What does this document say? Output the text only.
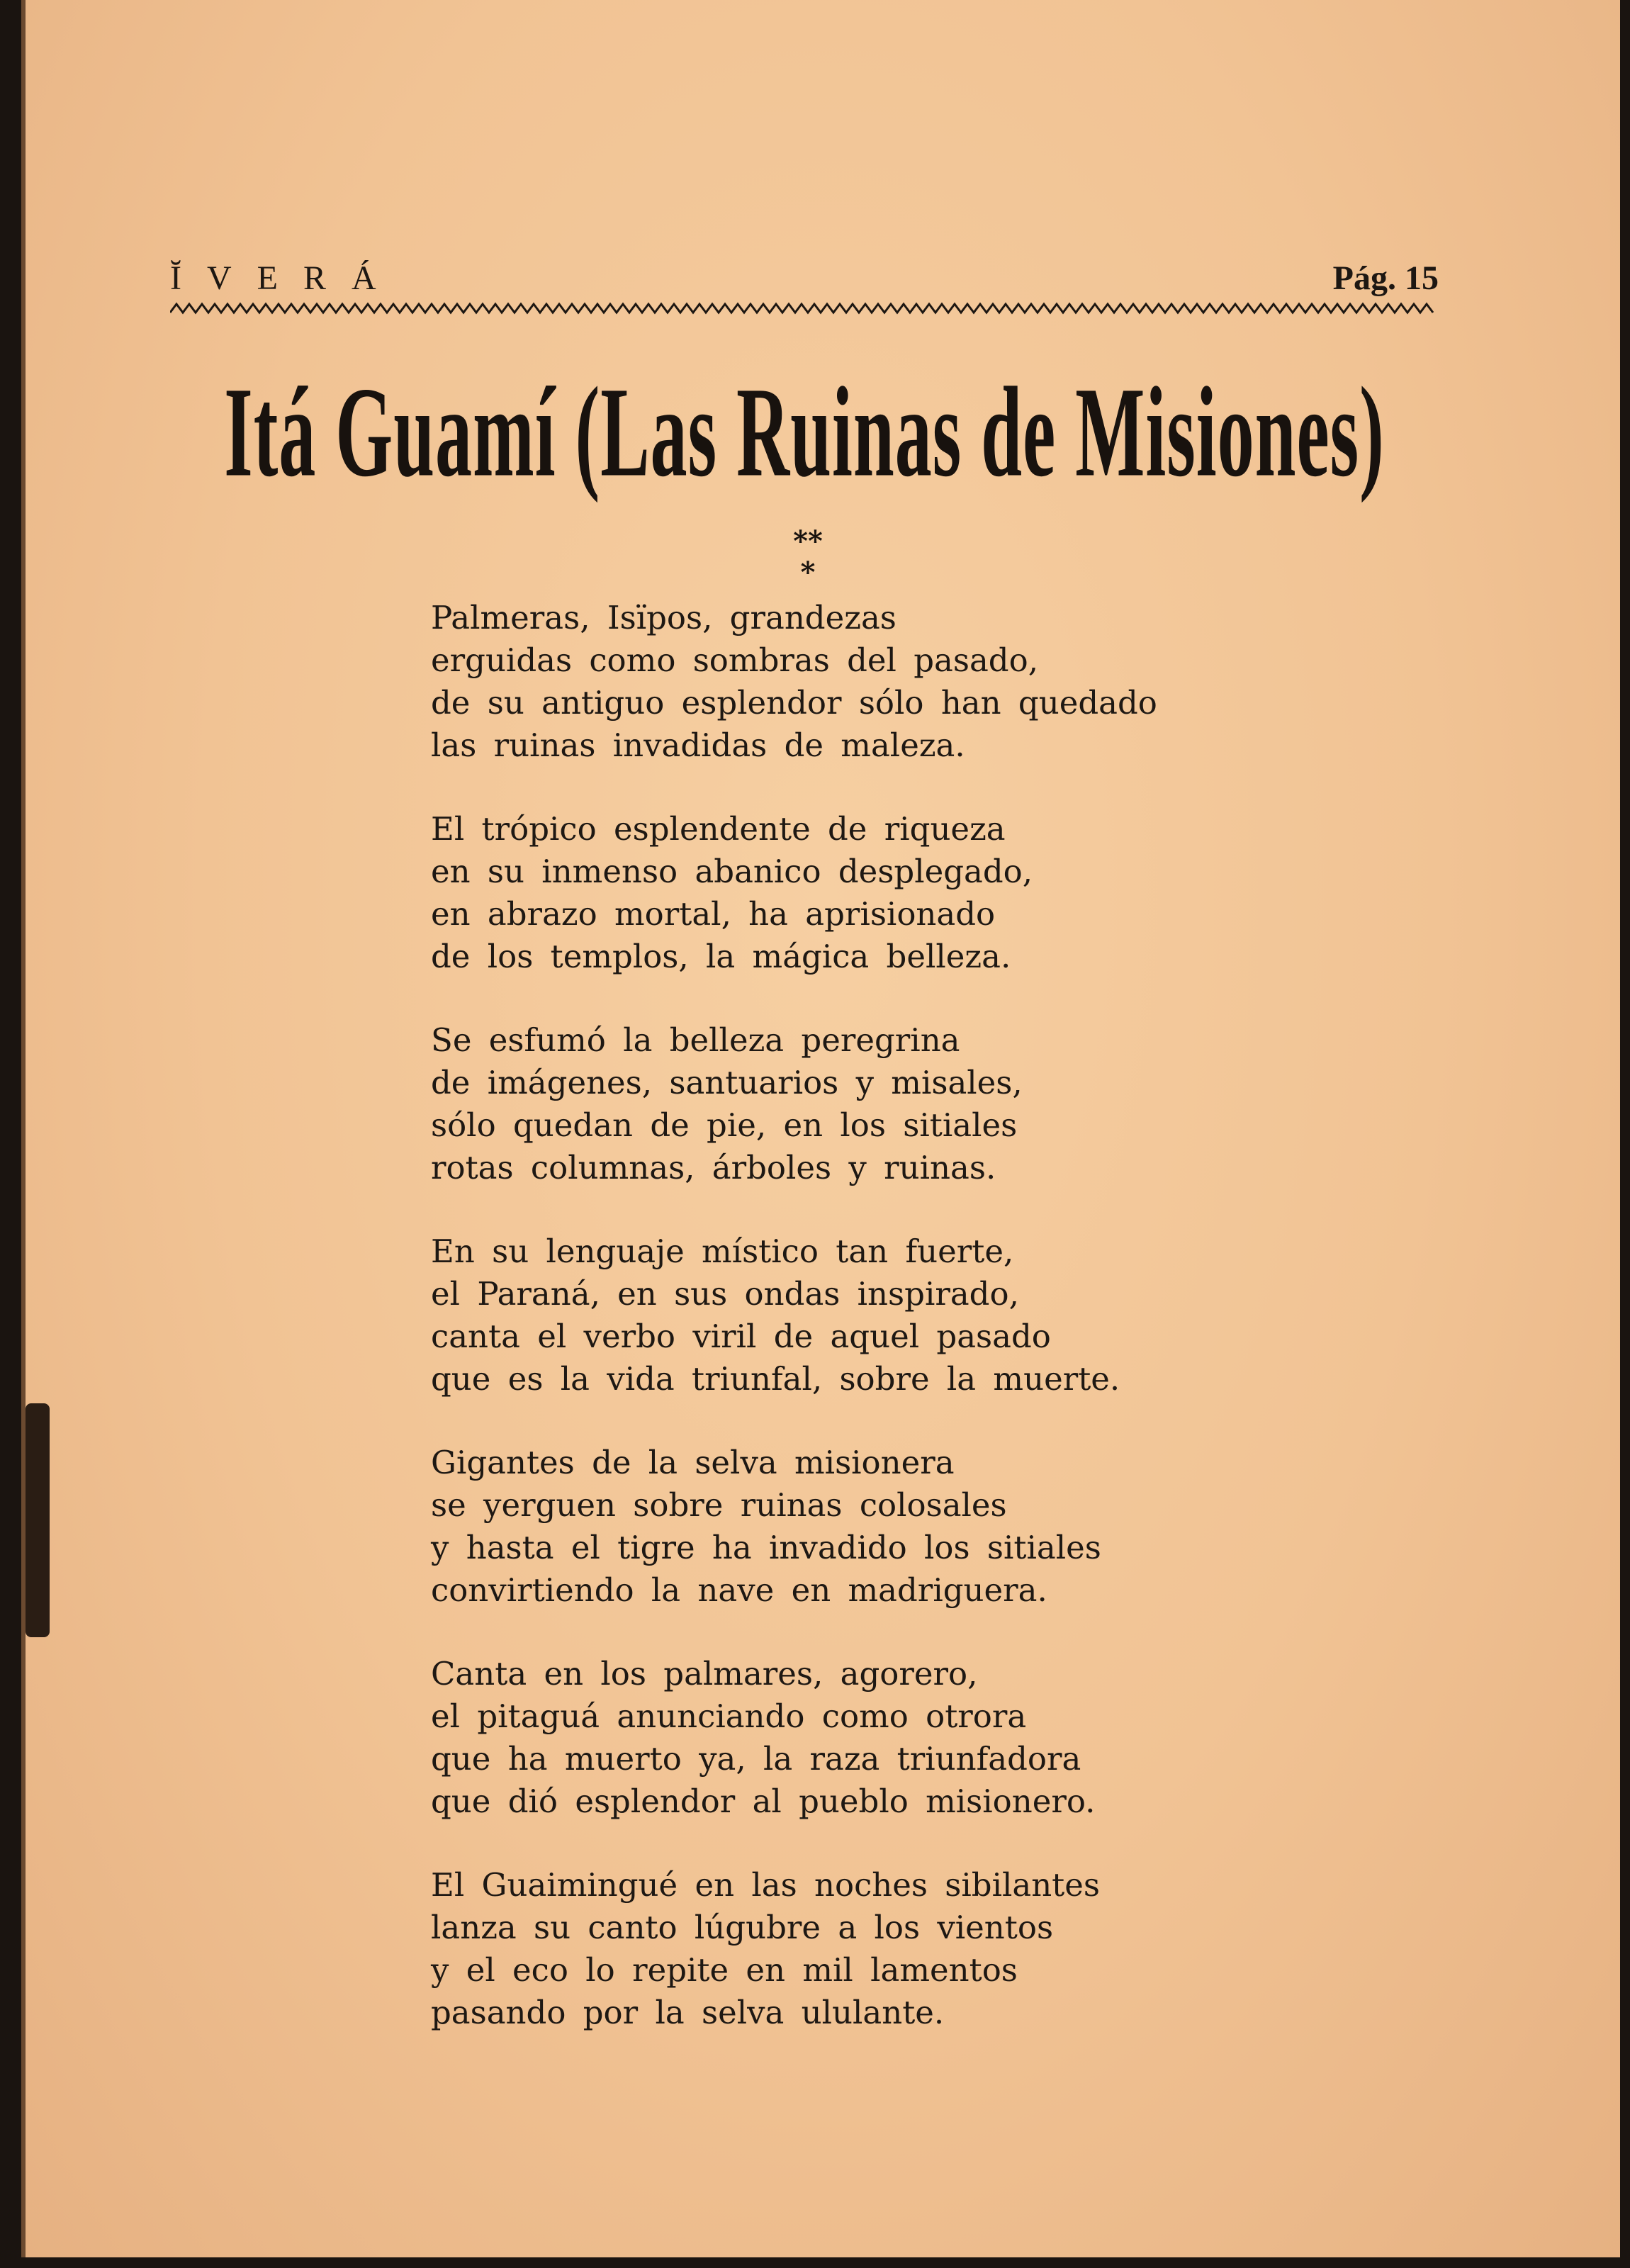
ĬVERÁ	Pág. 15
Itá Guamí (Las Ruinas de Misiones)
**
*
Palmeras, Isïpos, grandezas
erguidas como sombras del pasado,
de su antiguo esplendor sólo han quedado
las ruinas invadidas de maleza.
El trópico esplendente de riqueza
en su inmenso abanico desplegado,
en abrazo mortal, ha aprisionado
de los templos, la mágica belleza.
Se esfumó la belleza peregrina
de imágenes, santuarios y misales,
sólo quedan de pie, en los sitiales
rotas columnas, árboles y ruinas.
En su lenguaje místico tan fuerte,
el Paraná, en sus ondas inspirado,
canta el verbo viril de aquel pasado
que es la vida triunfal, sobre la muerte.
Gigantes de la selva misionera
se yerguen sobre ruinas colosales
y hasta el tigre ha invadido los sitiales
convirtiendo la nave en madriguera.
Canta en los palmares, agorero,
el pitaguá anunciando como otrora
que ha muerto ya, la raza triunfadora
que dió esplendor al pueblo misionero.
El Guaimingué en las noches sibilantes
lanza su canto lúgubre a los vientos
y el eco lo repite en mil lamentos
pasando por la selva ululante.
